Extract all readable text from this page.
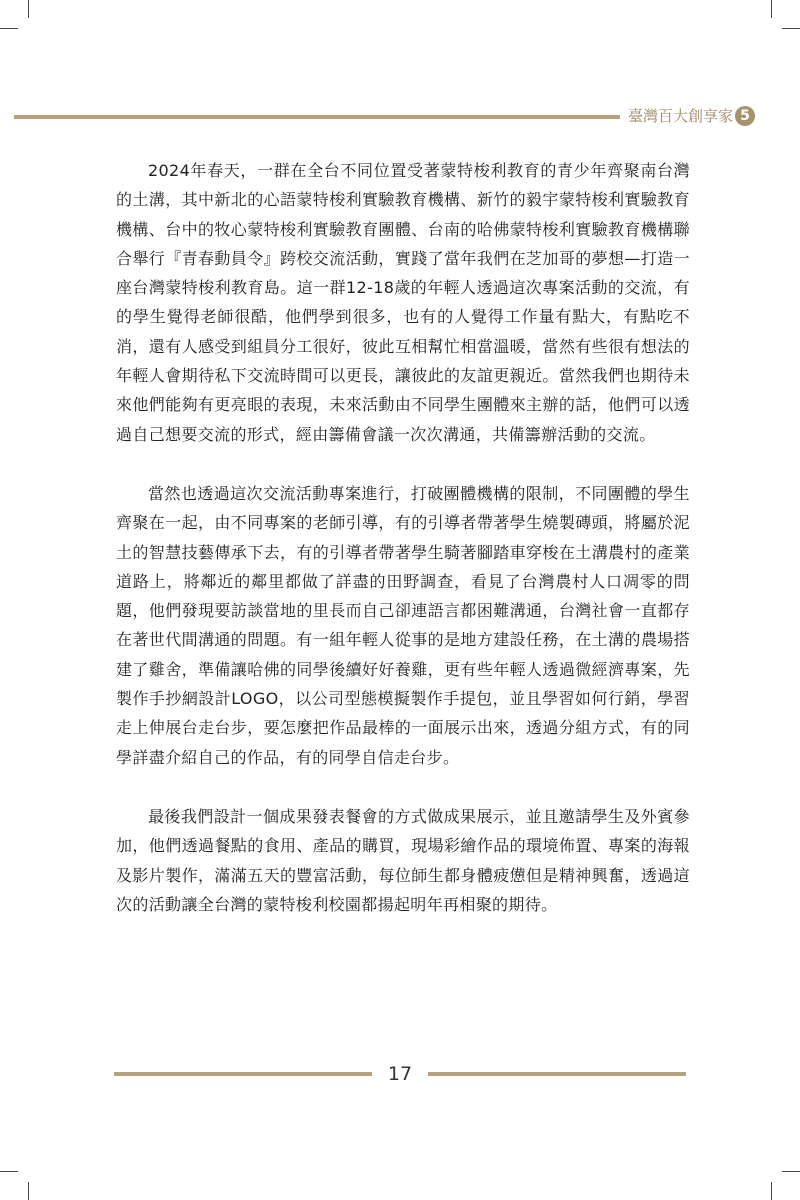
臺灣百大創享家 5

2024年春天，一群在全台不同位置受著蒙特梭利教育的青少年齊聚南台灣的土溝，其中新北的心語蒙特梭利實驗教育機構、新竹的毅宇蒙特梭利實驗教育機構、台中的牧心蒙特梭利實驗教育團體、台南的哈佛蒙特梭利實驗教育機構聯合舉行『青春動員令』跨校交流活動，實踐了當年我們在芝加哥的夢想—打造一座台灣蒙特梭利教育島。這一群12-18歲的年輕人透過這次專案活動的交流，有的學生覺得老師很酷，他們學到很多，也有的人覺得工作量有點大，有點吃不消，還有人感受到組員分工很好，彼此互相幫忙相當溫暖，當然有些很有想法的年輕人會期待私下交流時間可以更長，讓彼此的友誼更親近。當然我們也期待未來他們能夠有更亮眼的表現，未來活動由不同學生團體來主辦的話，他們可以透過自己想要交流的形式，經由籌備會議一次次溝通，共備籌辦活動的交流。

當然也透過這次交流活動專案進行，打破團體機構的限制，不同團體的學生齊聚在一起，由不同專案的老師引導，有的引導者帶著學生燒製磚頭，將屬於泥土的智慧技藝傳承下去，有的引導者帶著學生騎著腳踏車穿梭在土溝農村的產業道路上，將鄰近的鄰里都做了詳盡的田野調查，看見了台灣農村人口凋零的問題，他們發現要訪談當地的里長而自己卻連語言都困難溝通，台灣社會一直都存在著世代間溝通的問題。有一組年輕人從事的是地方建設任務，在土溝的農場搭建了雞舍，準備讓哈佛的同學後續好好養雞，更有些年輕人透過微經濟專案，先製作手抄網設計LOGO，以公司型態模擬製作手提包，並且學習如何行銷，學習走上伸展台走台步，要怎麼把作品最棒的一面展示出來，透過分組方式，有的同學詳盡介紹自己的作品，有的同學自信走台步。

最後我們設計一個成果發表餐會的方式做成果展示，並且邀請學生及外賓參加，他們透過餐點的食用、產品的購買，現場彩繪作品的環境佈置、專案的海報及影片製作，滿滿五天的豐富活動，每位師生都身體疲憊但是精神興奮，透過這次的活動讓全台灣的蒙特梭利校園都揚起明年再相聚的期待。

17
